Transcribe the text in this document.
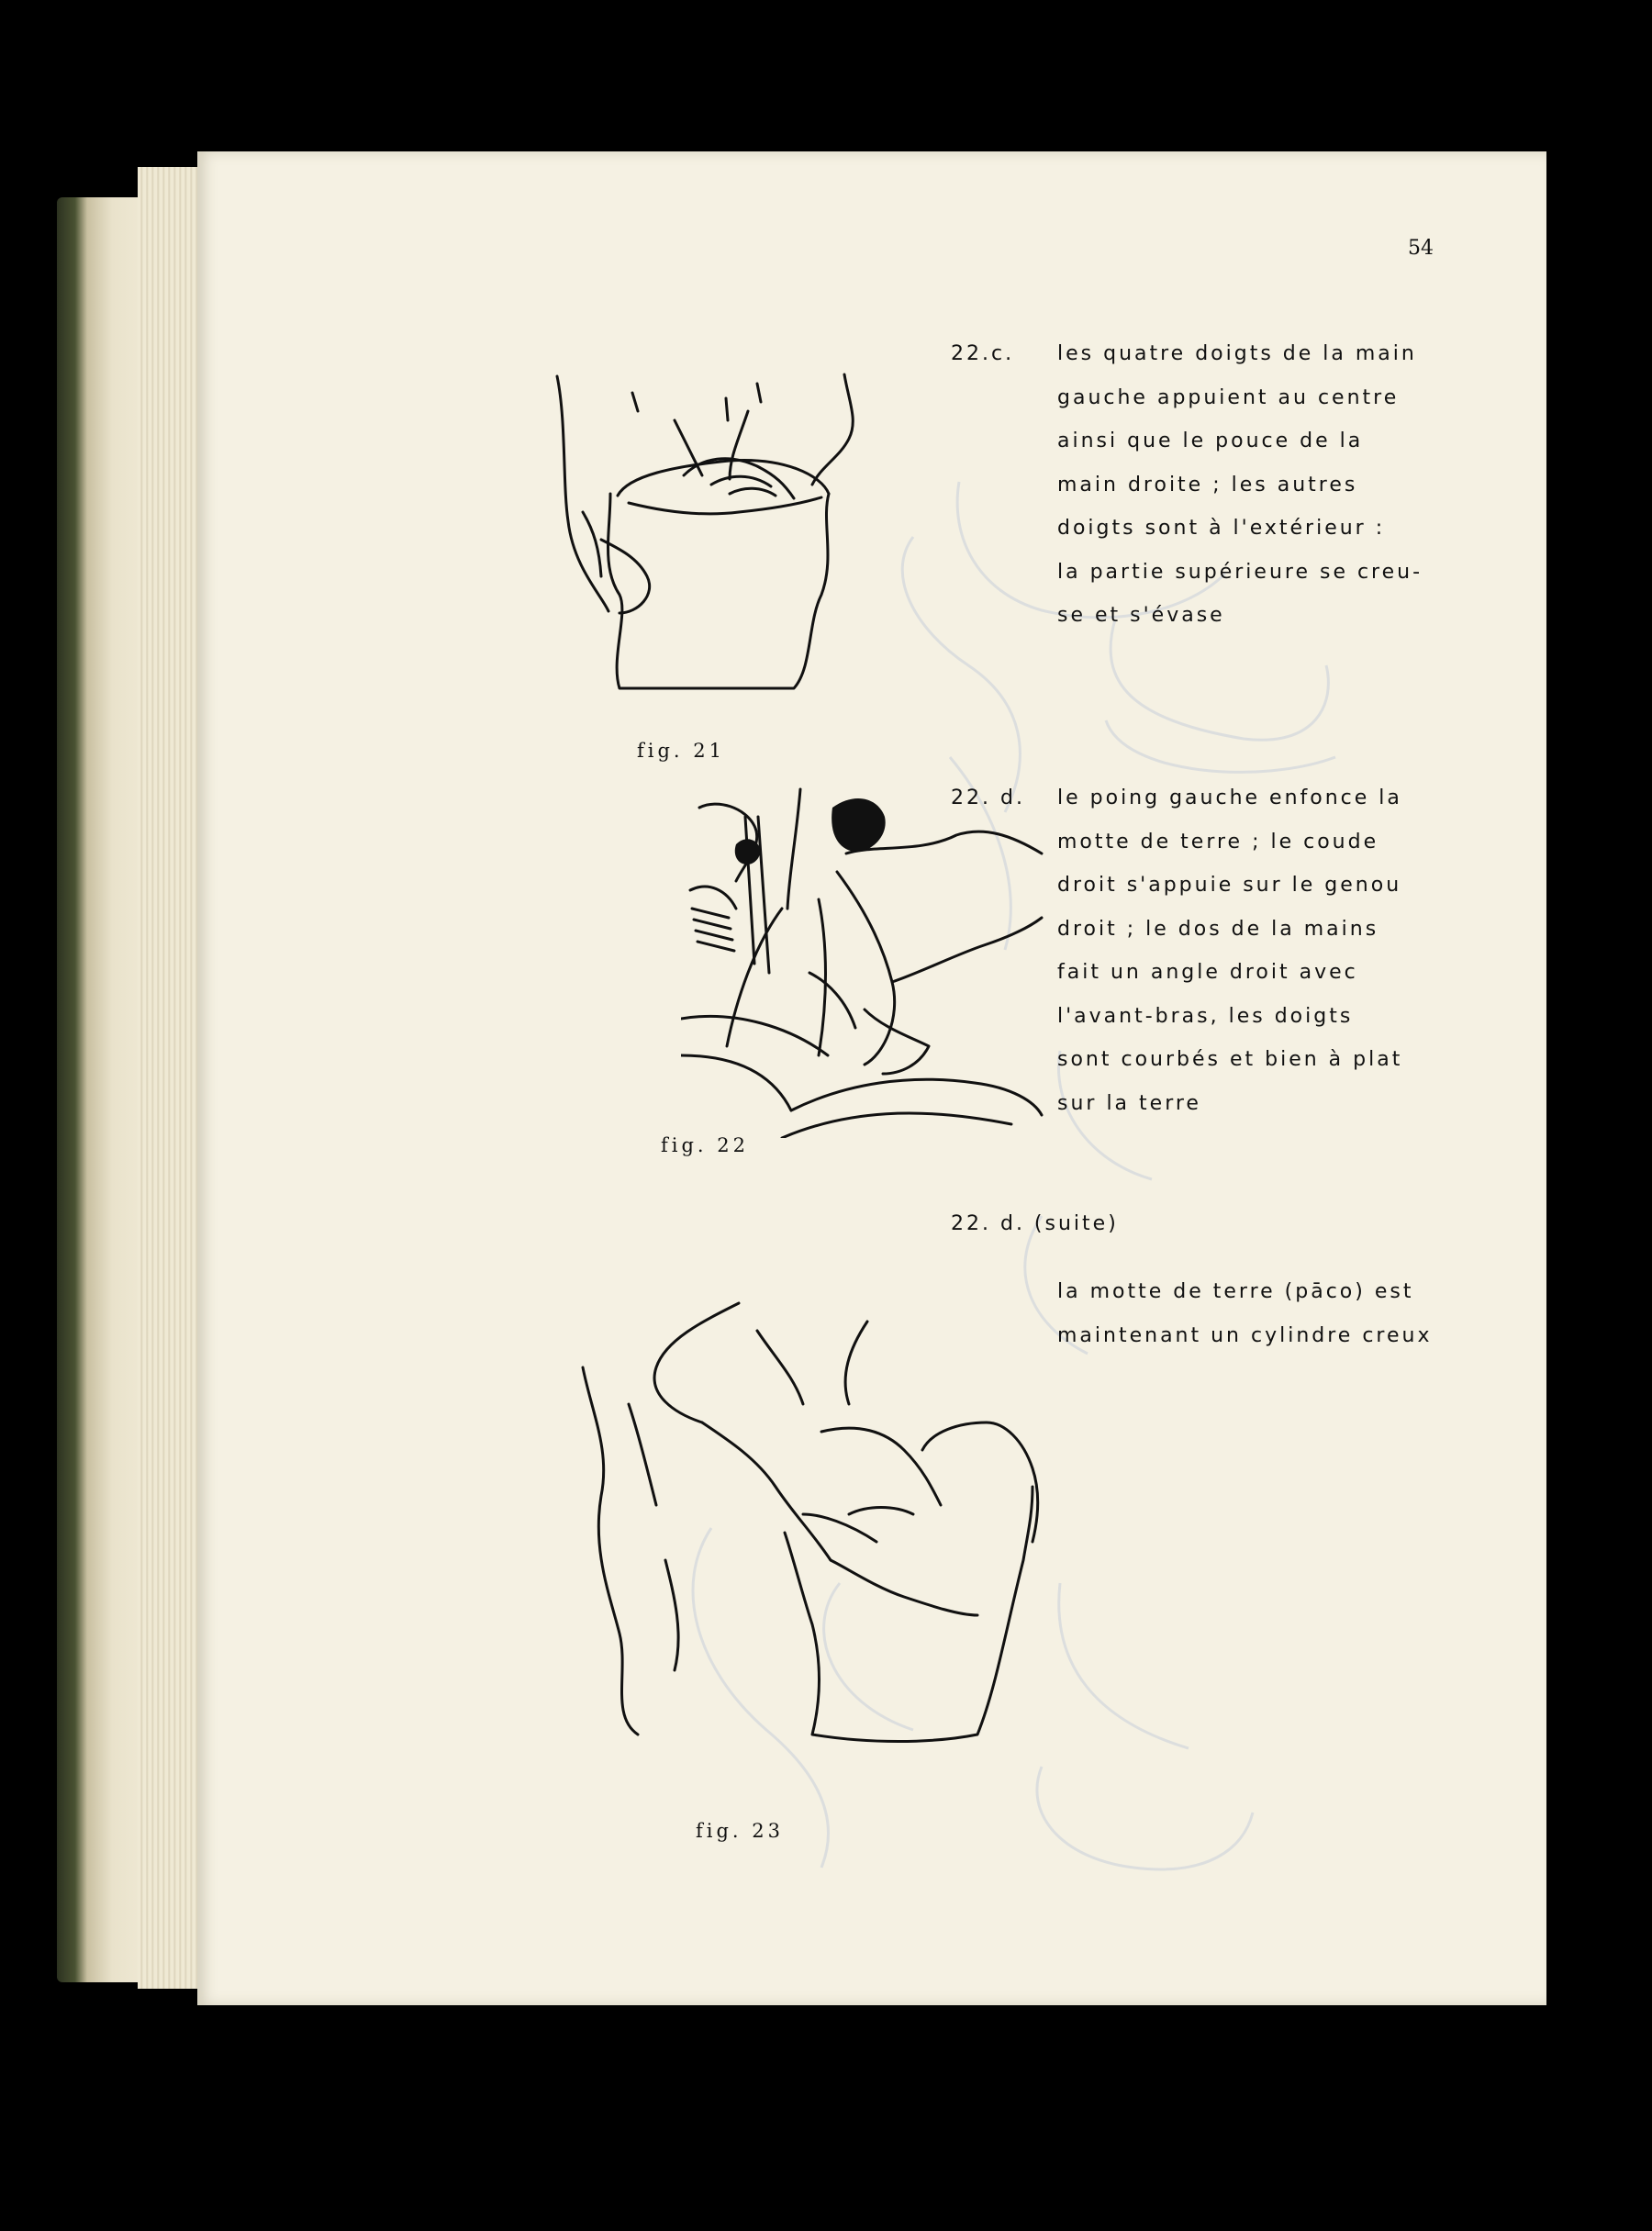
54
22.c. les quatre doigts de la main
gauche appuient au centre
ainsi que le pouce de la
main droite ; les autres
doigts sont à l'extérieur :
la partie supérieure se creu-
se et s'évase
22. d. le poing gauche enfonce la
motte de terre ; le coude
droit s'appuie sur le genou
droit ; le dos de la mains
fait un angle droit avec
l'avant-bras, les doigts
sont courbés et bien à plat
sur la terre
22. d. (suite)
la motte de terre (pāco) est
maintenant un cylindre creux
fig. 21
fig. 22
fig. 23
